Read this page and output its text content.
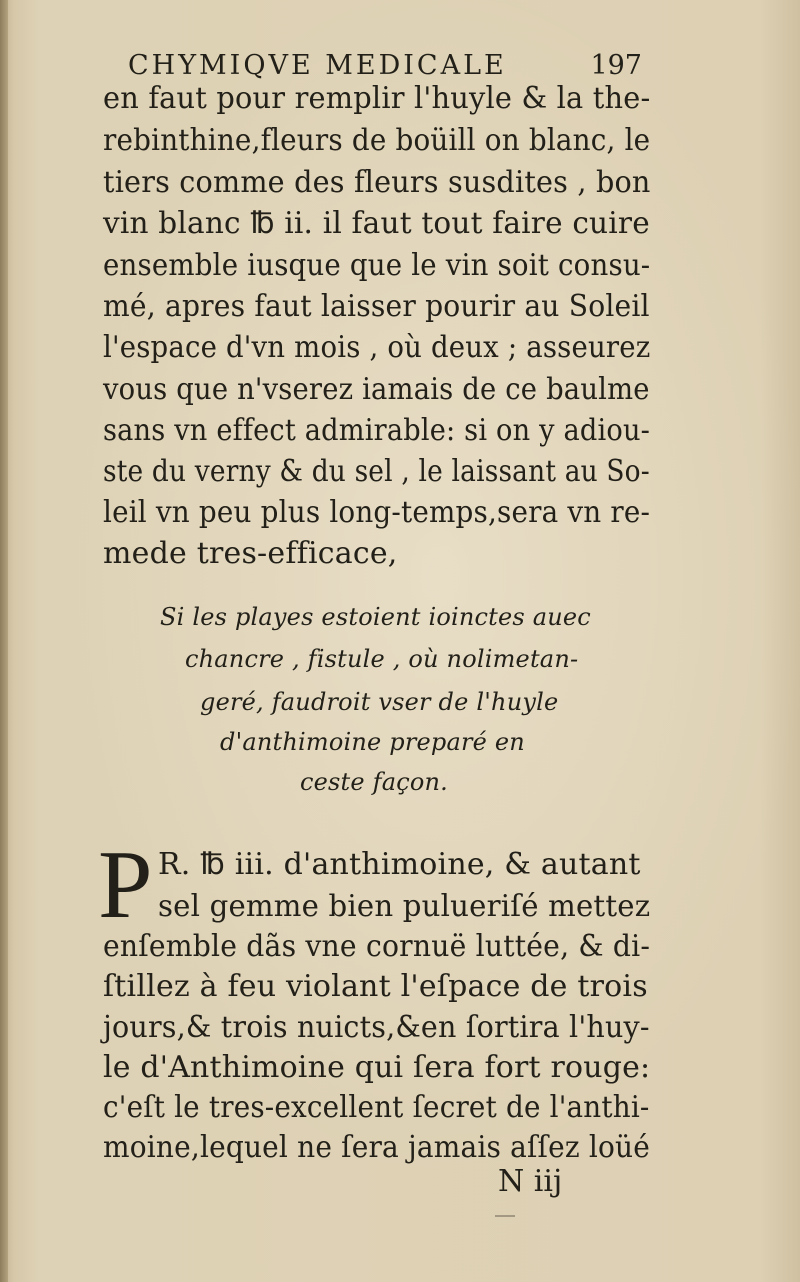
CHYMIQVE MEDICALE	197
en faut pour remplir l'huyle & la the-
rebinthine,fleurs de boüill on blanc, le
tiers comme des fleurs susdites , bon
vin blanc ℔ ii. il faut tout faire cuire
ensemble iusque que le vin soit consu-
mé, apres faut laisser pourir au Soleil
l'espace d'vn mois , où deux ; asseurez
vous que n'vserez iamais de ce baulme
sans vn effect admirable: si on y adiou-
ste du verny & du sel , le laissant au So-
leil vn peu plus long-temps,sera vn re-
mede tres-efficace,
Si les playes estoient ioinctes auec
chancre , fistule , où nolimetan-
geré, faudroit vser de l'huyle
d'anthimoine preparé en
ceste façon.
P R. ℔ iii. d'anthimoine, & autant
sel gemme bien pulueriſé mettez
enſemble dãs vne cornuë luttée, & di-
ſtillez à feu violant l'eſpace de trois
jours,& trois nuicts,&en ſortira l'huy-
le d'Anthimoine qui ſera fort rouge:
c'eſt le tres-excellent ſecret de l'anthi-
moine,lequel ne ſera jamais aſſez loüé
N iij
